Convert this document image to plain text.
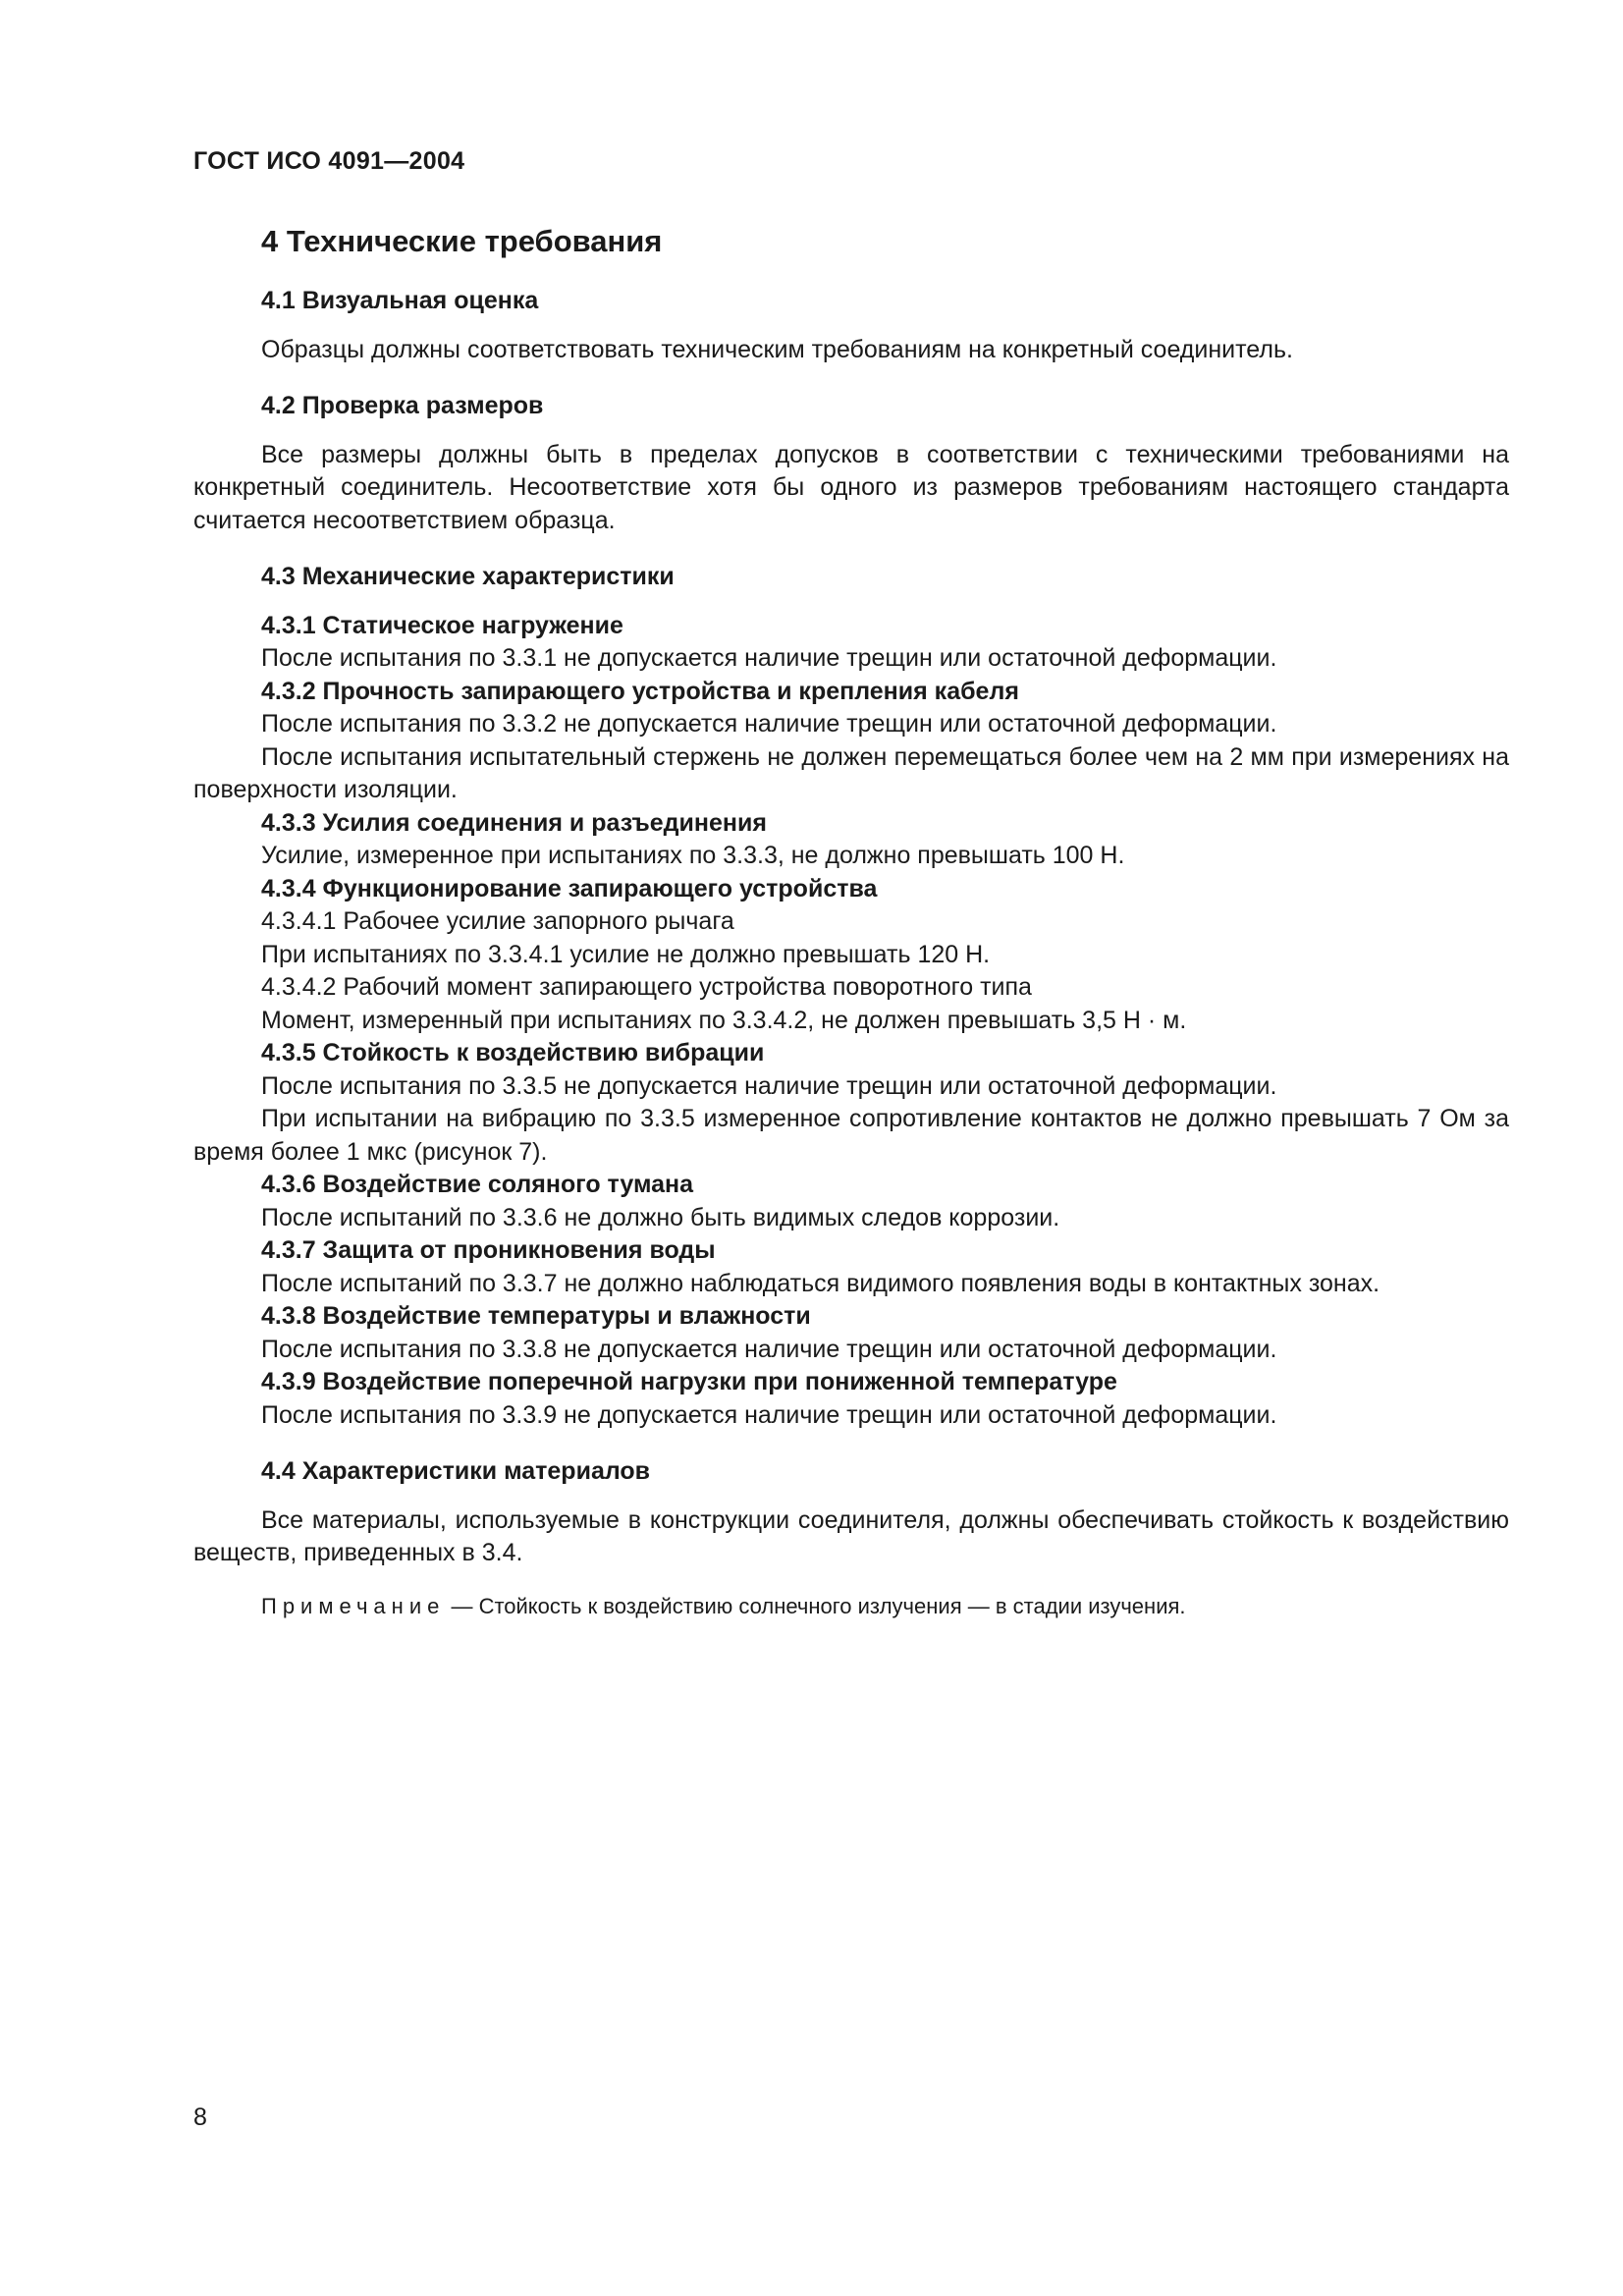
ГОСТ ИСО 4091—2004
4 Технические требования

4.1 Визуальная оценка

Образцы должны соответствовать техническим требованиям на конкретный соединитель.

4.2 Проверка размеров

Все размеры должны быть в пределах допусков в соответствии с техническими требованиями на конкретный соединитель. Несоответствие хотя бы одного из размеров требованиям настоящего стандарта считается несоответствием образца.

4.3 Механические характеристики

4.3.1 Статическое нагружение

После испытания по 3.3.1 не допускается наличие трещин или остаточной деформации.

4.3.2 Прочность запирающего устройства и крепления кабеля

После испытания по 3.3.2 не допускается наличие трещин или остаточной деформации.

После испытания испытательный стержень не должен перемещаться более чем на 2 мм при измерениях на поверхности изоляции.

4.3.3 Усилия соединения и разъединения

Усилие, измеренное при испытаниях по 3.3.3, не должно превышать 100 Н.

4.3.4 Функционирование запирающего устройства

4.3.4.1 Рабочее усилие запорного рычага

При испытаниях по 3.3.4.1 усилие не должно превышать 120 Н.

4.3.4.2 Рабочий момент запирающего устройства поворотного типа

Момент, измеренный при испытаниях по 3.3.4.2, не должен превышать 3,5 Н · м.

4.3.5 Стойкость к воздействию вибрации

После испытания по 3.3.5 не допускается наличие трещин или остаточной деформации.

При испытании на вибрацию по 3.3.5 измеренное сопротивление контактов не должно превышать 7 Ом за время более 1 мкс (рисунок 7).

4.3.6 Воздействие соляного тумана

После испытаний по 3.3.6 не должно быть видимых следов коррозии.

4.3.7 Защита от проникновения воды

После испытаний по 3.3.7 не должно наблюдаться видимого появления воды в контактных зонах.

4.3.8 Воздействие температуры и влажности

После испытания по 3.3.8 не допускается наличие трещин или остаточной деформации.

4.3.9 Воздействие поперечной нагрузки при пониженной температуре

После испытания по 3.3.9 не допускается наличие трещин или остаточной деформации.

4.4 Характеристики материалов

Все материалы, используемые в конструкции соединителя, должны обеспечивать стойкость к воздействию веществ, приведенных в 3.4.

Примечание — Стойкость к воздействию солнечного излучения — в стадии изучения.

8
